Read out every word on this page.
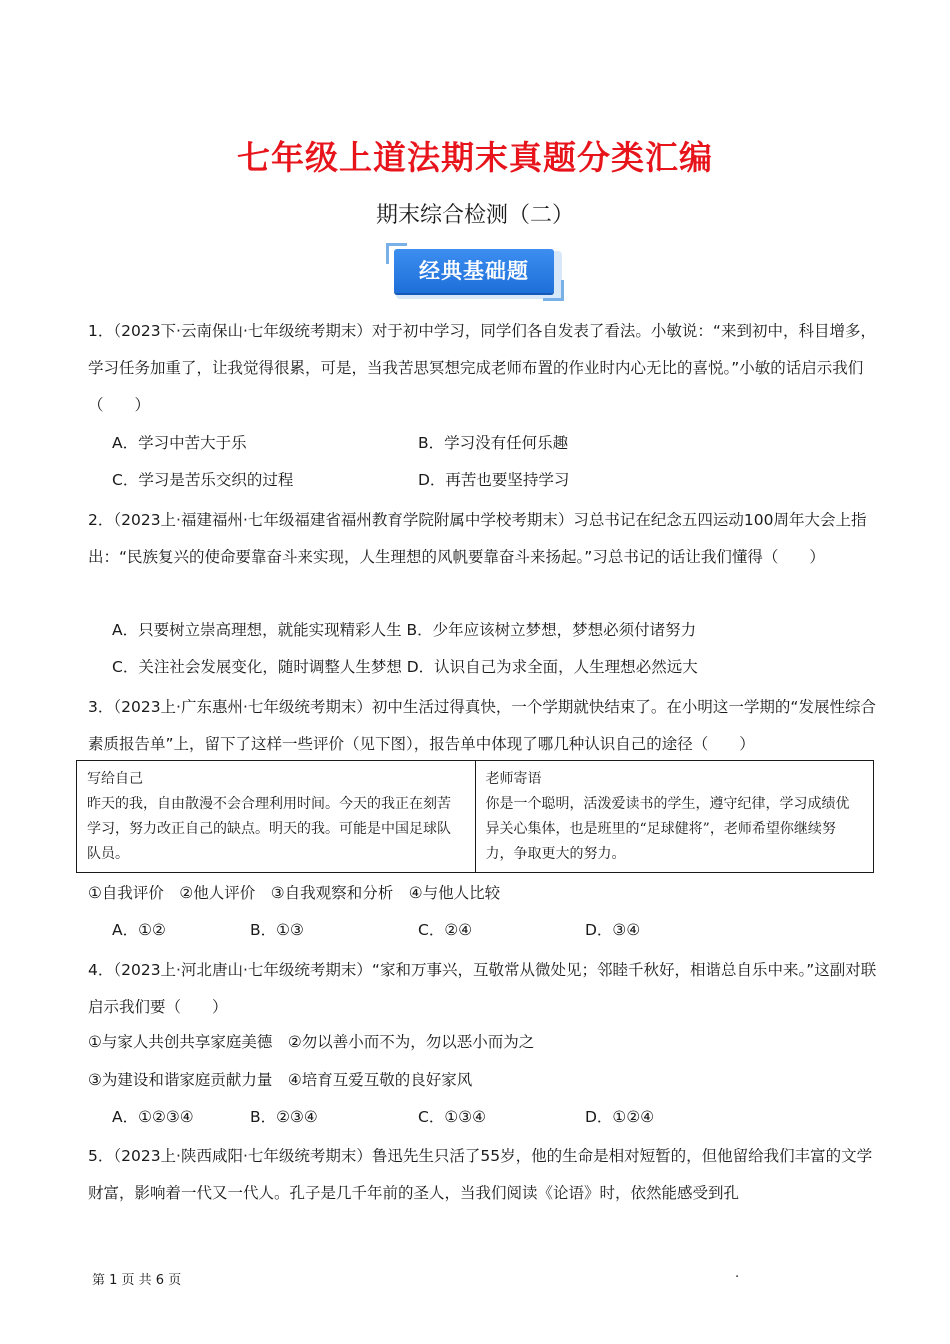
七年级上道法期末真题分类汇编
期末综合检测（二）
经典基础题
1．（2023下·云南保山·七年级统考期末）对于初中学习，同学们各自发表了看法。小敏说：“来到初中，科目增多，学习任务加重了，让我觉得很累，可是，当我苦思冥想完成老师布置的作业时内心无比的喜悦。”小敏的话启示我们（　　）
A．学习中苦大于乐	B．学习没有任何乐趣
C．学习是苦乐交织的过程	D．再苦也要坚持学习
2．（2023上·福建福州·七年级福建省福州教育学院附属中学校考期末）习总书记在纪念五四运动100周年大会上指出：“民族复兴的使命要靠奋斗来实现，人生理想的风帆要靠奋斗来扬起。”习总书记的话让我们懂得（　　）
A．只要树立崇高理想，就能实现精彩人生 B．少年应该树立梦想，梦想必须付诸努力
C．关注社会发展变化，随时调整人生梦想 D．认识自己为求全面，人生理想必然远大
3．（2023上·广东惠州·七年级统考期末）初中生活过得真快，一个学期就快结束了。在小明这一学期的“发展性综合素质报告单”上，留下了这样一些评价（见下图），报告单中体现了哪几种认识自己的途径（　　）
写给自己
昨天的我，自由散漫不会合理利用时间。今天的我正在刻苦学习，努力改正自己的缺点。明天的我。可能是中国足球队队员。
老师寄语
你是一个聪明，活泼爱读书的学生，遵守纪律，学习成绩优异关心集体，也是班里的“足球健将”，老师希望你继续努力，争取更大的努力。
①自我评价　②他人评价　③自我观察和分析　④与他人比较
A．①②	B．①③	C．②④	D．③④
4．（2023上·河北唐山·七年级统考期末）“家和万事兴，互敬常从微处见；邻睦千秋好，相谐总自乐中来。”这副对联启示我们要（　　）
①与家人共创共享家庭美德　②勿以善小而不为，勿以恶小而为之
③为建设和谐家庭贡献力量　④培育互爱互敬的良好家风
A．①②③④	B．②③④	C．①③④	D．①②④
5．（2023上·陕西咸阳·七年级统考期末）鲁迅先生只活了55岁，他的生命是相对短暂的，但他留给我们丰富的文学财富，影响着一代又一代人。孔子是几千年前的圣人，当我们阅读《论语》时，依然能感受到孔
第 1 页 共 6 页	.
